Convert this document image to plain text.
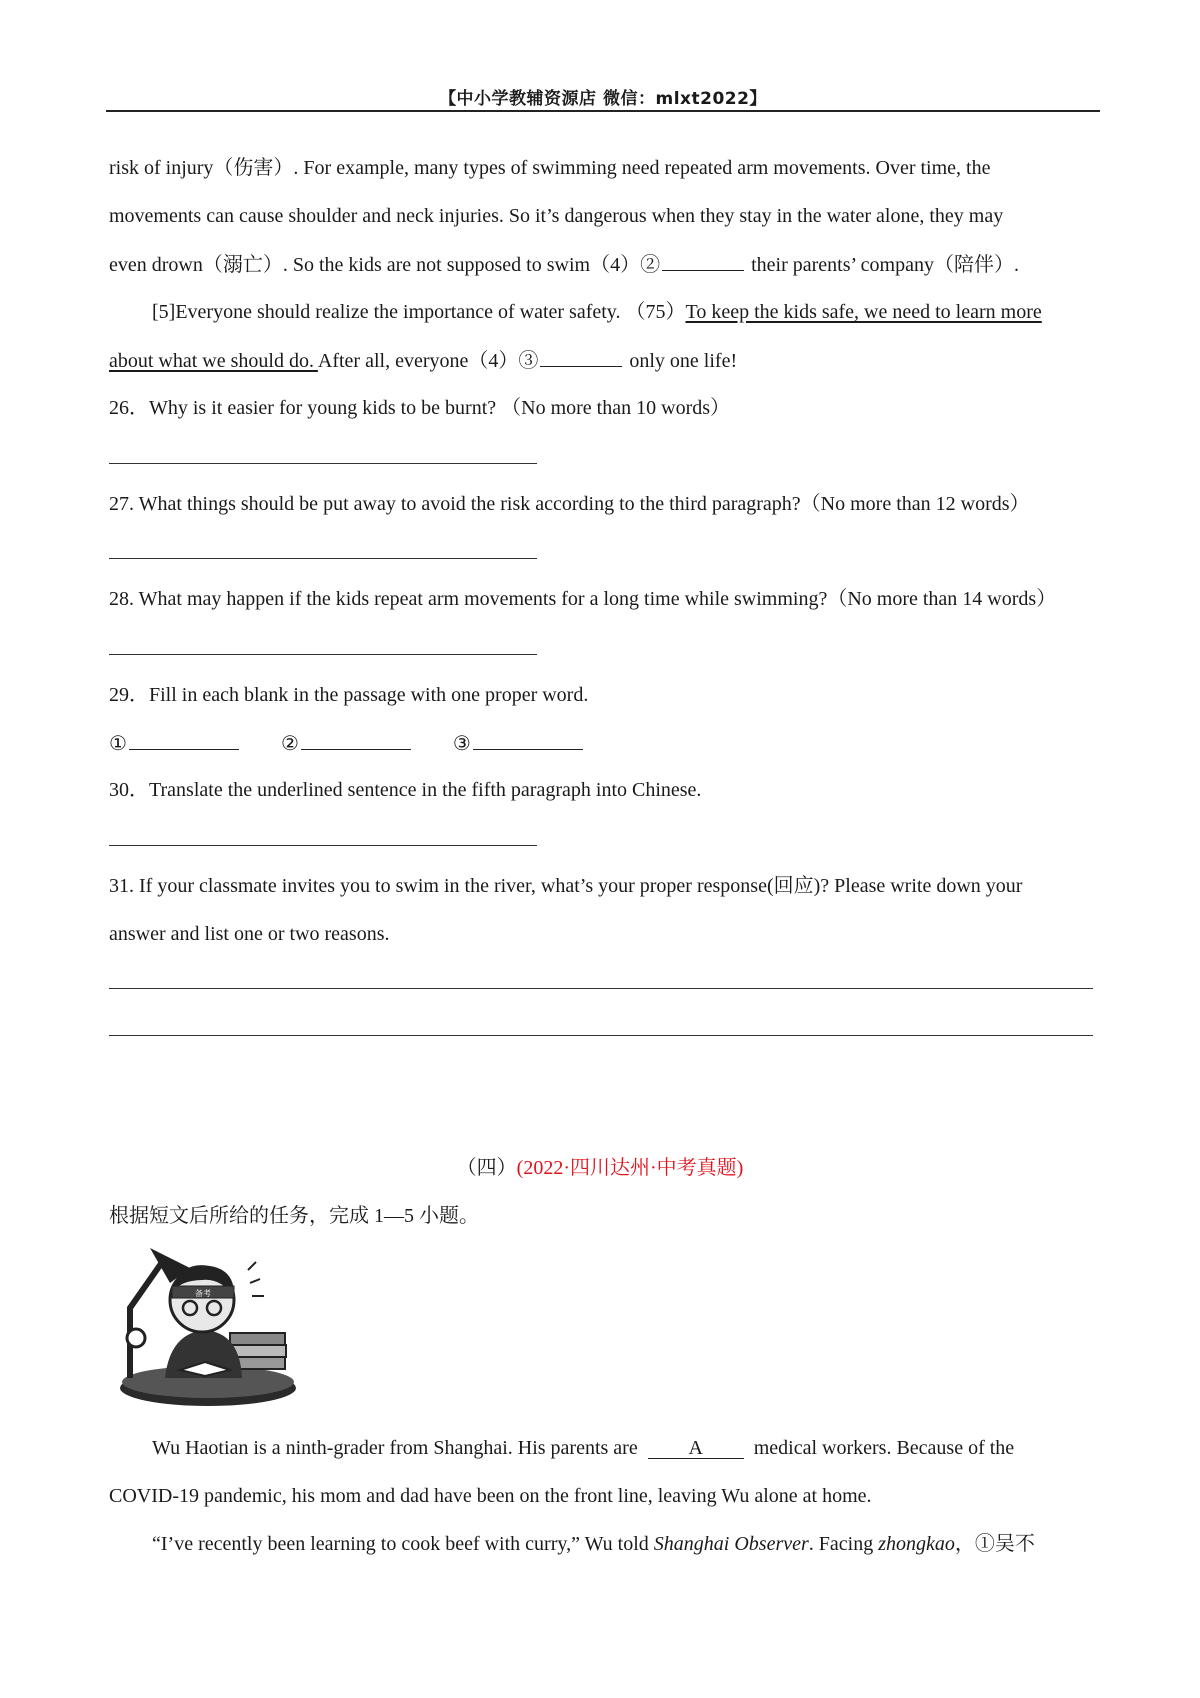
【中小学教辅资源店 微信：mlxt2022】
risk of injury（伤害）. For example, many types of swimming need repeated arm movements. Over time, the
movements can cause shoulder and neck injuries. So it’s dangerous when they stay in the water alone, they may
even drown（溺亡）. So the kids are not supposed to swim（4）②	their parents’ company（陪伴）.
[5]Everyone should realize the importance of water safety. （75）To keep the kids safe, we need to learn more
about what we should do. After all, everyone（4）③	only one life!
26．Why is it easier for young kids to be burnt? （No more than 10 words）
27. What things should be put away to avoid the risk according to the third paragraph?（No more than 12 words）
28. What may happen if the kids repeat arm movements for a long time while swimming?（No more than 14 words）
29．Fill in each blank in the passage with one proper word.
①	②	③
30．Translate the underlined sentence in the fifth paragraph into Chinese.
31. If your classmate invites you to swim in the river, what’s your proper response(回应)? Please write down your
answer and list one or two reasons.
（四）(2022·四川达州·中考真题)
根据短文后所给的任务，完成 1—5 小题。
备考
Wu Haotian is a ninth-grader from Shanghai. His parents are	A	medical workers. Because of the
COVID-19 pandemic, his mom and dad have been on the front line, leaving Wu alone at home.
“I’ve recently been learning to cook beef with curry,” Wu told Shanghai Observer. Facing zhongkao，①吴不
